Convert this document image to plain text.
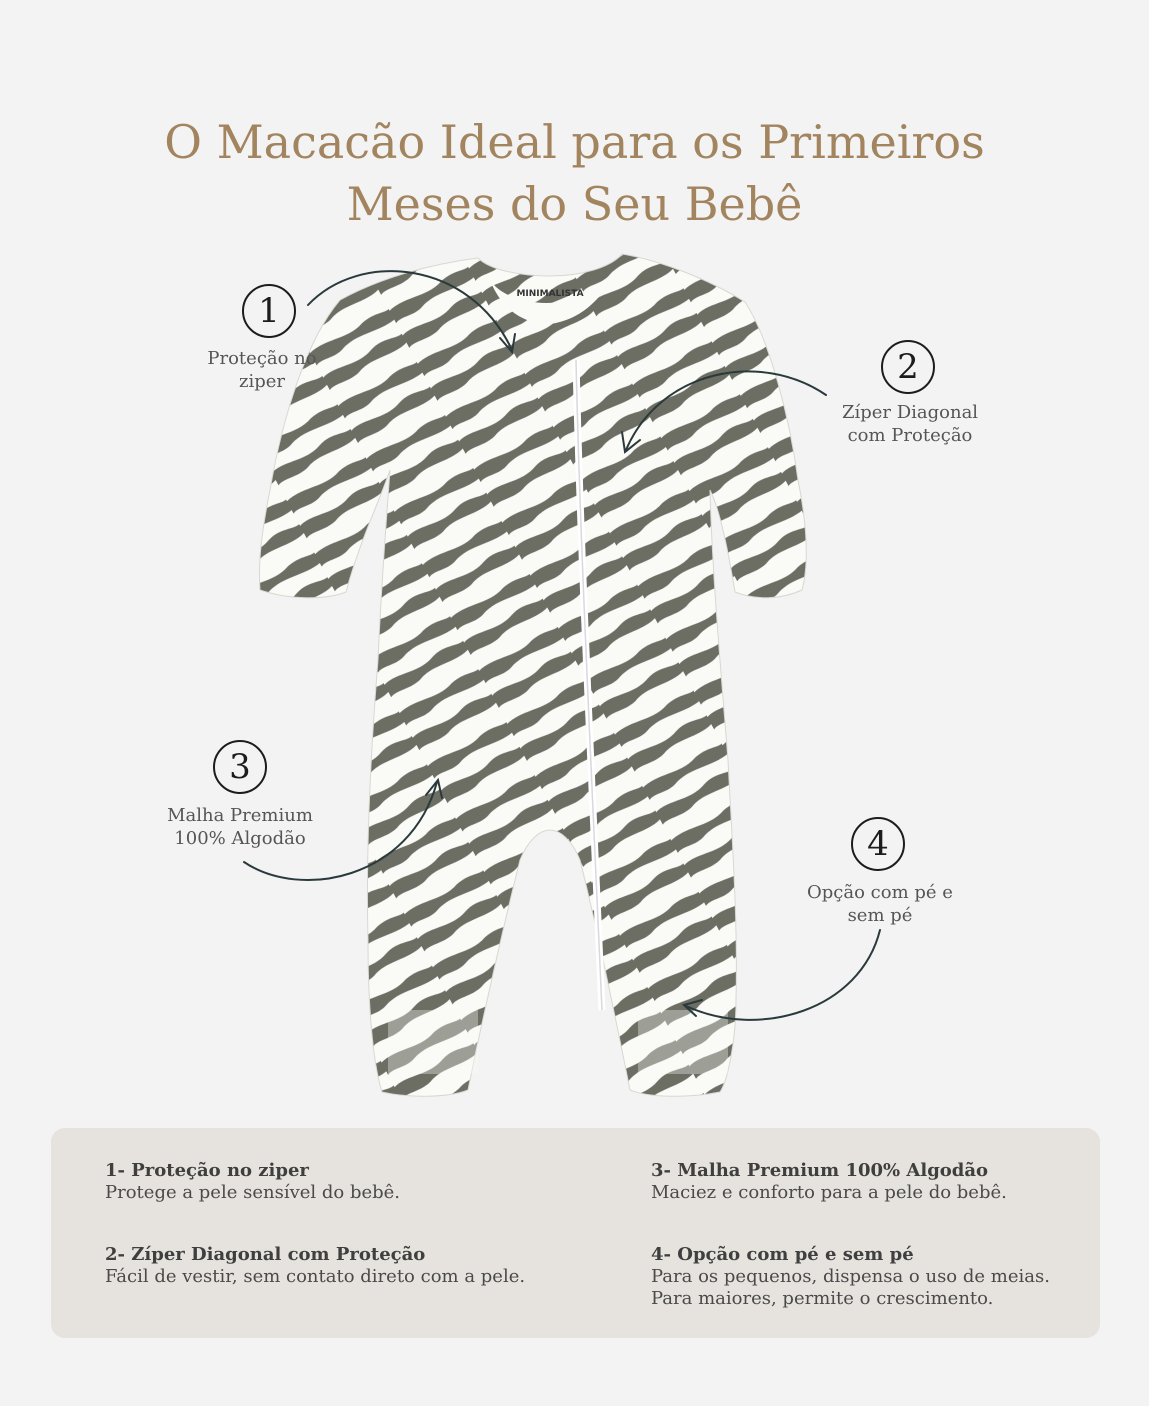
O Macacão Ideal para os Primeiros
Meses do Seu Bebê
MINIMALISTA
1
Proteção no
ziper	2
Zíper Diagonal
com Proteção
3
Malha Premium
100% Algodão	4
Opção com pé e
sem pé
1- Proteção no ziper
Protege a pele sensível do bebê.
2- Zíper Diagonal com Proteção
Fácil de vestir, sem contato direto com a pele.
3- Malha Premium 100% Algodão
Maciez e conforto para a pele do bebê.
4- Opção com pé e sem pé
Para os pequenos, dispensa o uso de meias.
Para maiores, permite o crescimento.
